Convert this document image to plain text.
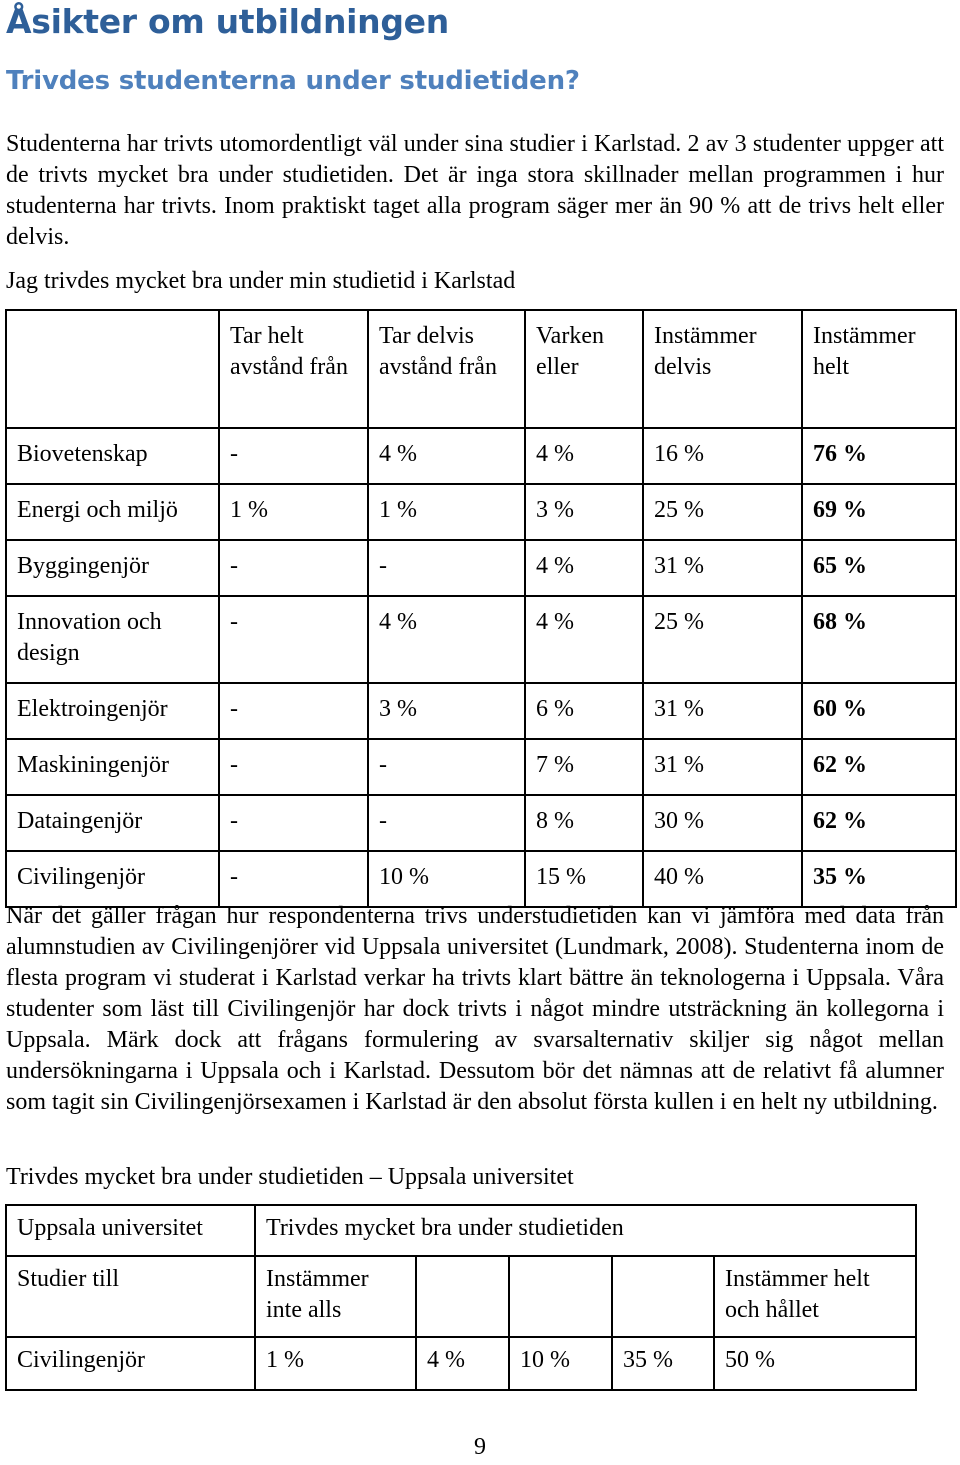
Åsikter om utbildningen
Trivdes studenterna under studietiden?

Studenterna har trivts utomordentligt väl under sina studier i Karlstad. 2 av 3 studenter uppger att de trivts mycket bra under studietiden. Det är inga stora skillnader mellan programmen i hur studenterna har trivts. Inom praktiskt taget alla program säger mer än 90 % att de trivs helt eller delvis.

Jag trivdes mycket bra under min studietid i Karlstad

	Tar helt avstånd från	Tar delvis avstånd från	Varken eller	Instämmer delvis	Instämmer helt
Biovetenskap	-	4 %	4 %	16 %	76 %
Energi och miljö	1 %	1 %	3 %	25 %	69 %
Byggingenjör	-	-	4 %	31 %	65 %
Innovation och design	-	4 %	4 %	25 %	68 %
Elektroingenjör	-	3 %	6 %	31 %	60 %
Maskiningenjör	-	-	7 %	31 %	62 %
Dataingenjör	-	-	8 %	30 %	62 %
Civilingenjör	-	10 %	15 %	40 %	35 %

När det gäller frågan hur respondenterna trivs understudietiden kan vi jämföra med data från alumnstudien av Civilingenjörer vid Uppsala universitet (Lundmark, 2008). Studenterna inom de flesta program vi studerat i Karlstad verkar ha trivts klart bättre än teknologerna i Uppsala. Våra studenter som läst till Civilingenjör har dock trivts i något mindre utsträckning än kollegorna i Uppsala. Märk dock att frågans formulering av svarsalternativ skiljer sig något mellan undersökningarna i Uppsala och i Karlstad. Dessutom bör det nämnas att de relativt få alumner som tagit sin Civilingenjörsexamen i Karlstad är den absolut första kullen i en helt ny utbildning.

Trivdes mycket bra under studietiden – Uppsala universitet

Uppsala universitet	Trivdes mycket bra under studietiden				
Studier till	Instämmer inte alls				Instämmer helt och hållet
Civilingenjör	1 %	4 %	10 %	35 %	50 %
9
